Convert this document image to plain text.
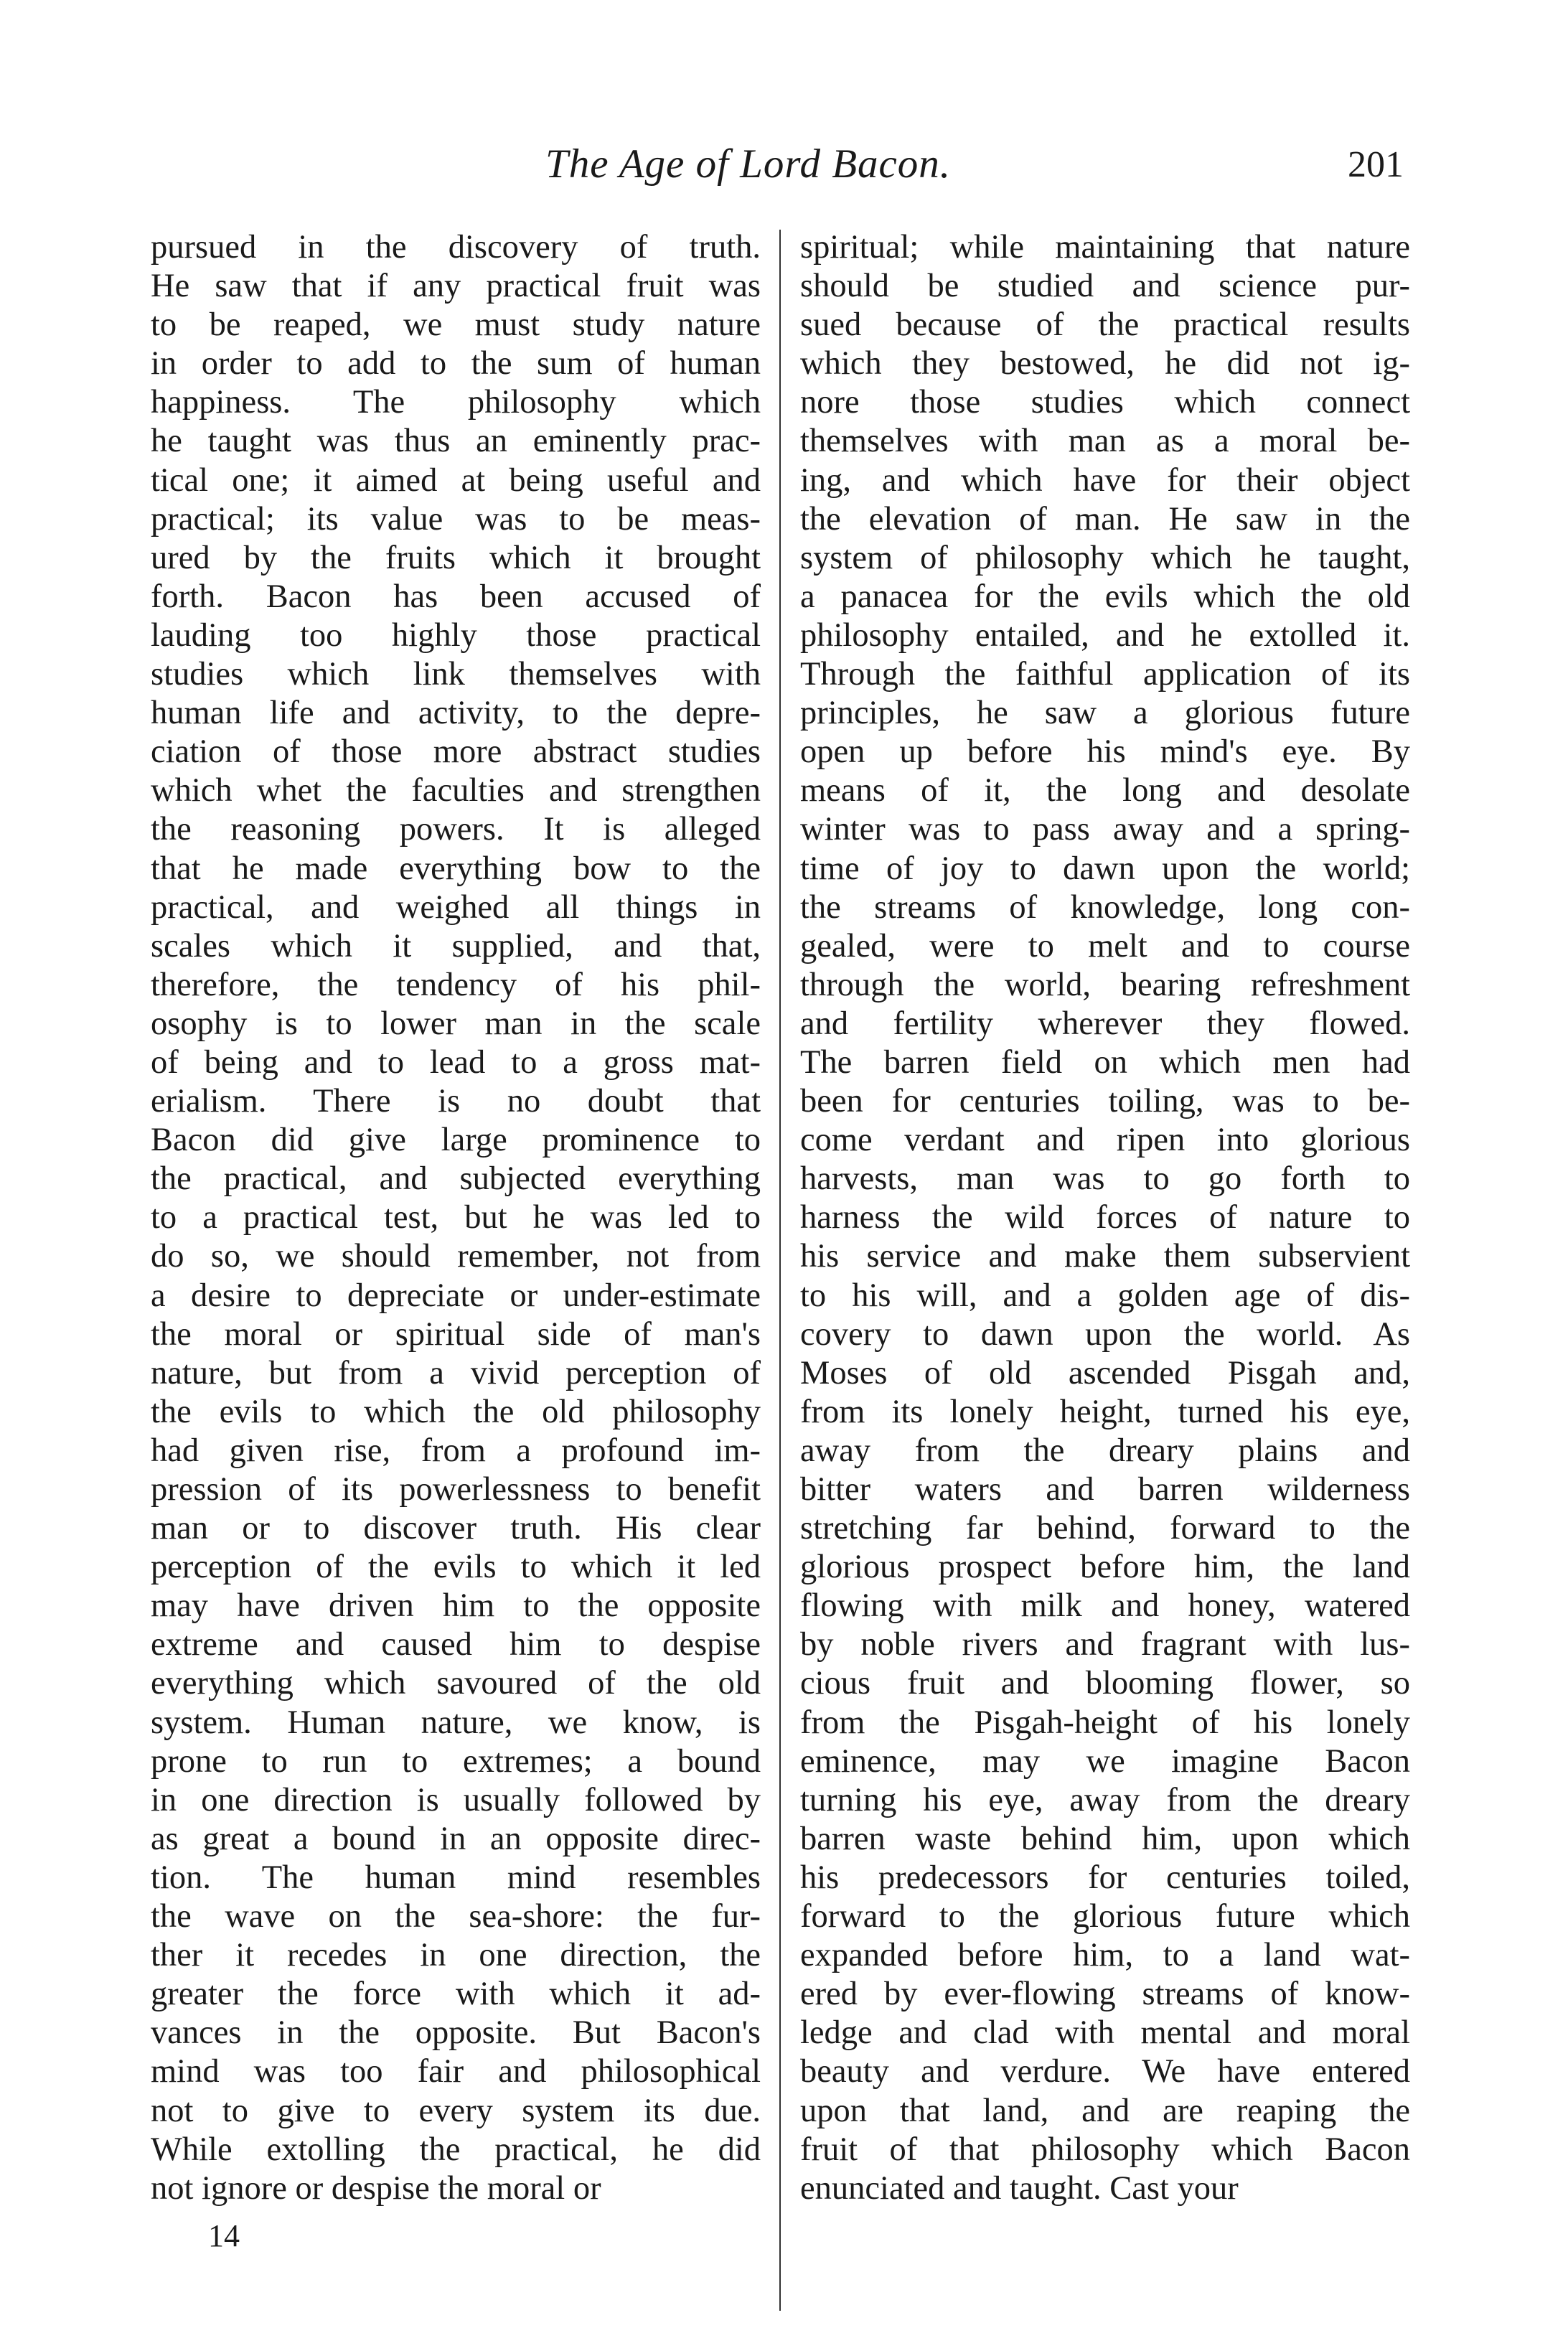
The Age of Lord Bacon.	201
pursued in the discovery of truth.
He saw that if any practical fruit was
to be reaped, we must study nature
in order to add to the sum of human
happiness. The philosophy which
he taught was thus an eminently prac-
tical one; it aimed at being useful and
practical; its value was to be meas-
ured by the fruits which it brought
forth. Bacon has been accused of
lauding too highly those practical
studies which link themselves with
human life and activity, to the depre-
ciation of those more abstract studies
which whet the faculties and strengthen
the reasoning powers. It is alleged
that he made everything bow to the
practical, and weighed all things in
scales which it supplied, and that,
therefore, the tendency of his phil-
osophy is to lower man in the scale
of being and to lead to a gross mat-
erialism. There is no doubt that
Bacon did give large prominence to
the practical, and subjected everything
to a practical test, but he was led to
do so, we should remember, not from
a desire to depreciate or under-estimate
the moral or spiritual side of man's
nature, but from a vivid perception of
the evils to which the old philosophy
had given rise, from a profound im-
pression of its powerlessness to benefit
man or to discover truth. His clear
perception of the evils to which it led
may have driven him to the opposite
extreme and caused him to despise
everything which savoured of the old
system. Human nature, we know, is
prone to run to extremes; a bound
in one direction is usually followed by
as great a bound in an opposite direc-
tion. The human mind resembles
the wave on the sea-shore: the fur-
ther it recedes in one direction, the
greater the force with which it ad-
vances in the opposite. But Bacon's
mind was too fair and philosophical
not to give to every system its due.
While extolling the practical, he did
not ignore or despise the moral or
spiritual; while maintaining that nature
should be studied and science pur-
sued because of the practical results
which they bestowed, he did not ig-
nore those studies which connect
themselves with man as a moral be-
ing, and which have for their object
the elevation of man. He saw in the
system of philosophy which he taught,
a panacea for the evils which the old
philosophy entailed, and he extolled it.
Through the faithful application of its
principles, he saw a glorious future
open up before his mind's eye. By
means of it, the long and desolate
winter was to pass away and a spring-
time of joy to dawn upon the world;
the streams of knowledge, long con-
gealed, were to melt and to course
through the world, bearing refreshment
and fertility wherever they flowed.
The barren field on which men had
been for centuries toiling, was to be-
come verdant and ripen into glorious
harvests, man was to go forth to
harness the wild forces of nature to
his service and make them subservient
to his will, and a golden age of dis-
covery to dawn upon the world. As
Moses of old ascended Pisgah and,
from its lonely height, turned his eye,
away from the dreary plains and
bitter waters and barren wilderness
stretching far behind, forward to the
glorious prospect before him, the land
flowing with milk and honey, watered
by noble rivers and fragrant with lus-
cious fruit and blooming flower, so
from the Pisgah-height of his lonely
eminence, may we imagine Bacon
turning his eye, away from the dreary
barren waste behind him, upon which
his predecessors for centuries toiled,
forward to the glorious future which
expanded before him, to a land wat-
ered by ever-flowing streams of know-
ledge and clad with mental and moral
beauty and verdure. We have entered
upon that land, and are reaping the
fruit of that philosophy which Bacon
enunciated and taught. Cast your
14
